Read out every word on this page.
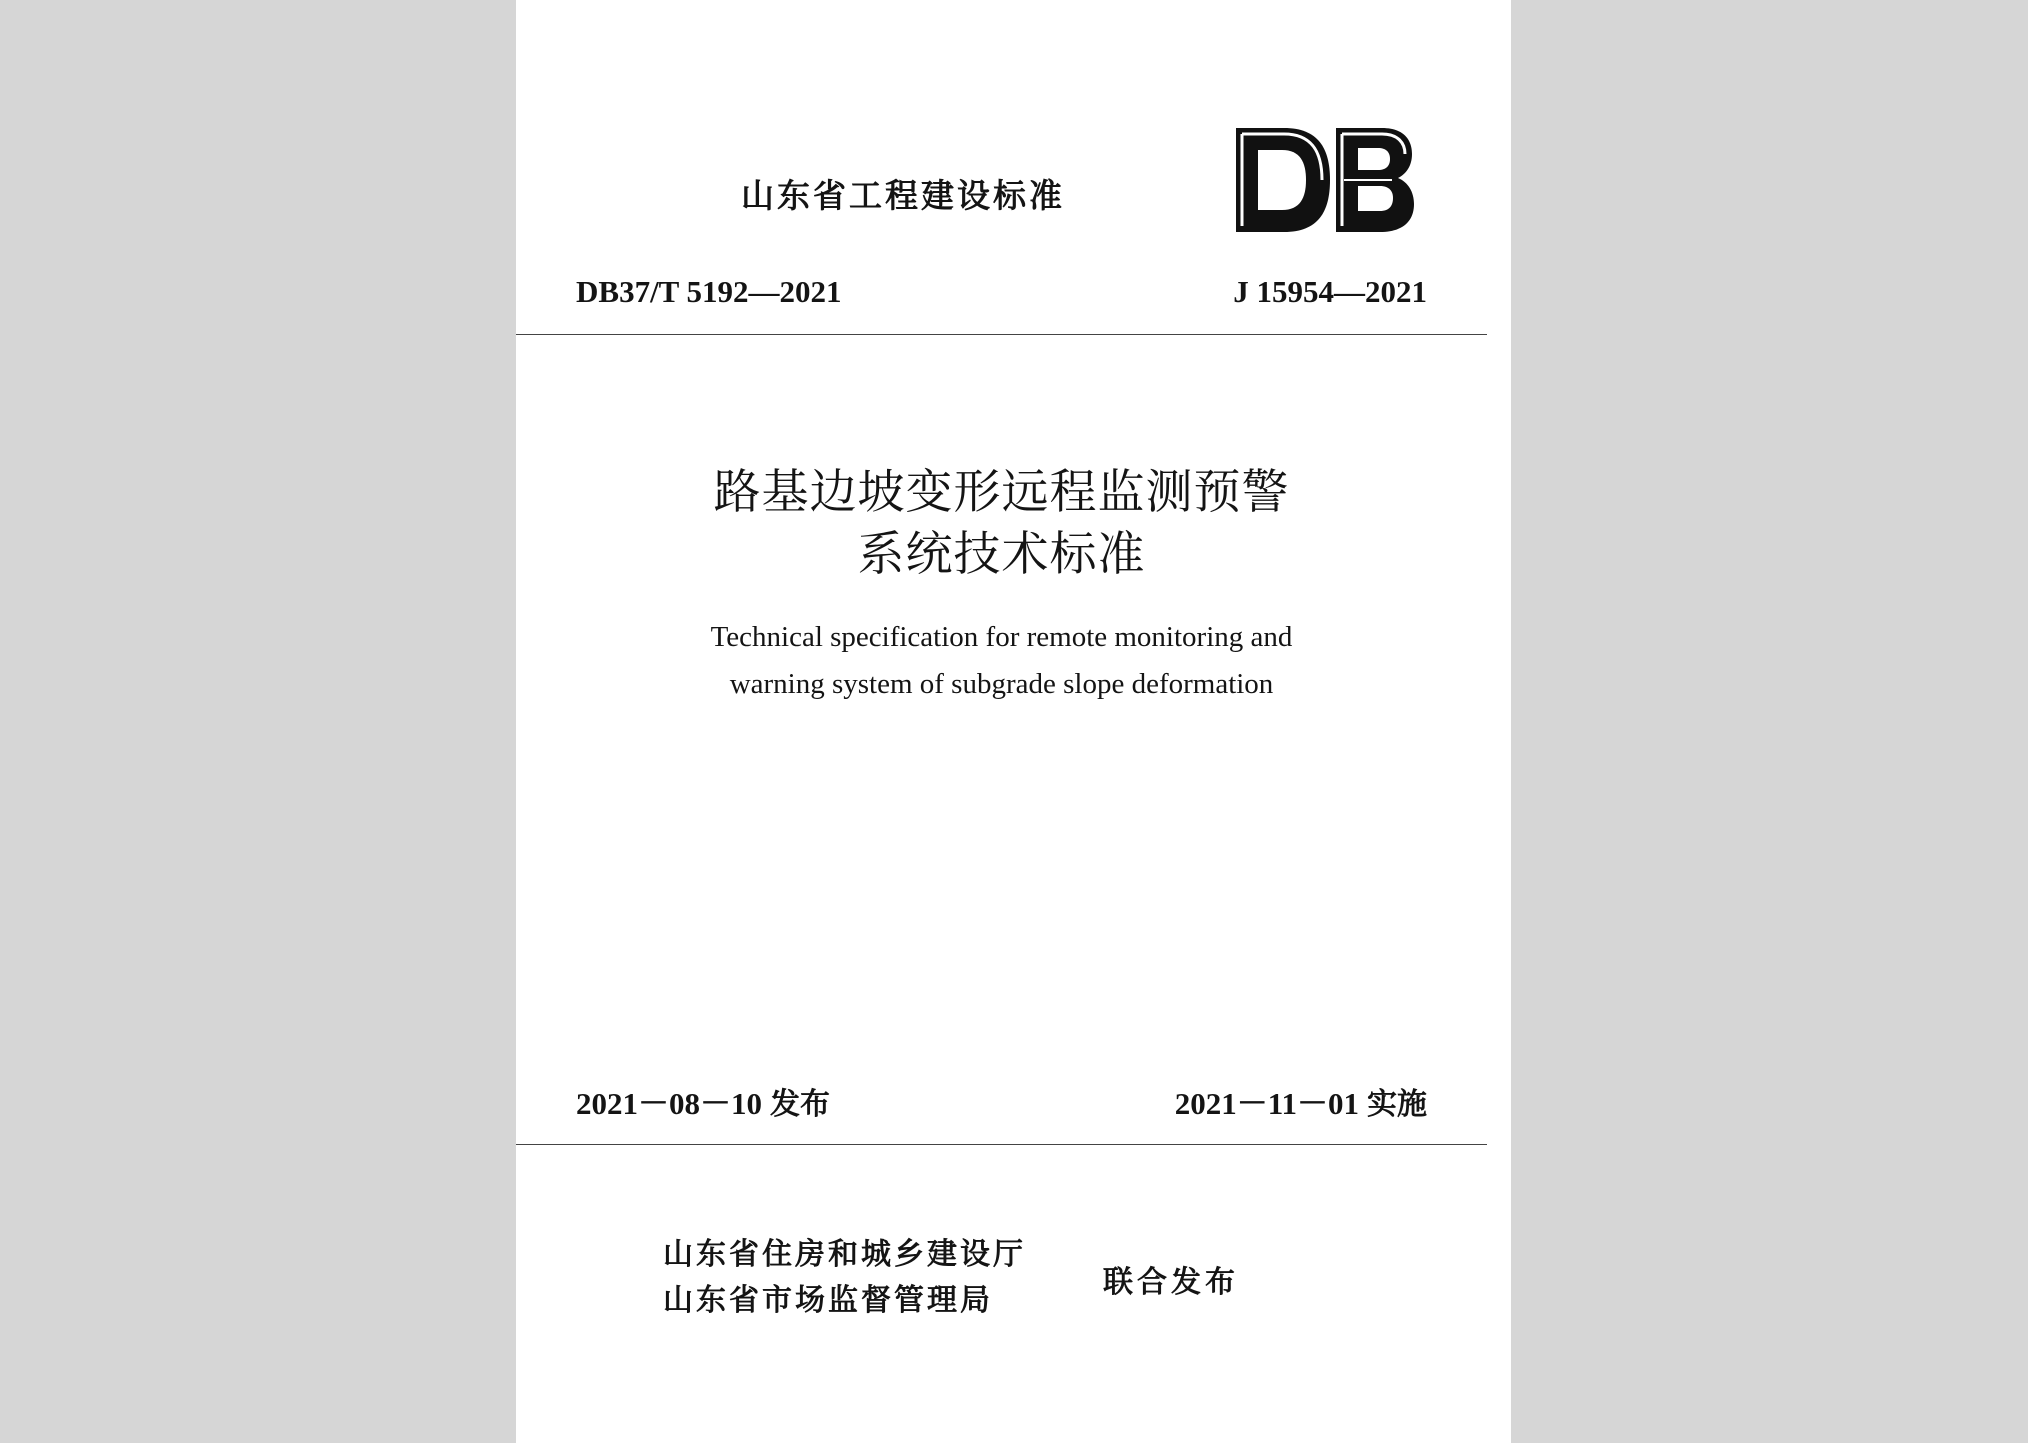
山东省工程建设标准
DB37/T 5192—2021	J 15954—2021
路基边坡变形远程监测预警
系统技术标准
Technical specification for remote monitoring and
warning system of subgrade slope deformation
2021－08－10 发布	2021－11－01 实施
山东省住房和城乡建设厅
山东省市场监督管理局
联合发布
